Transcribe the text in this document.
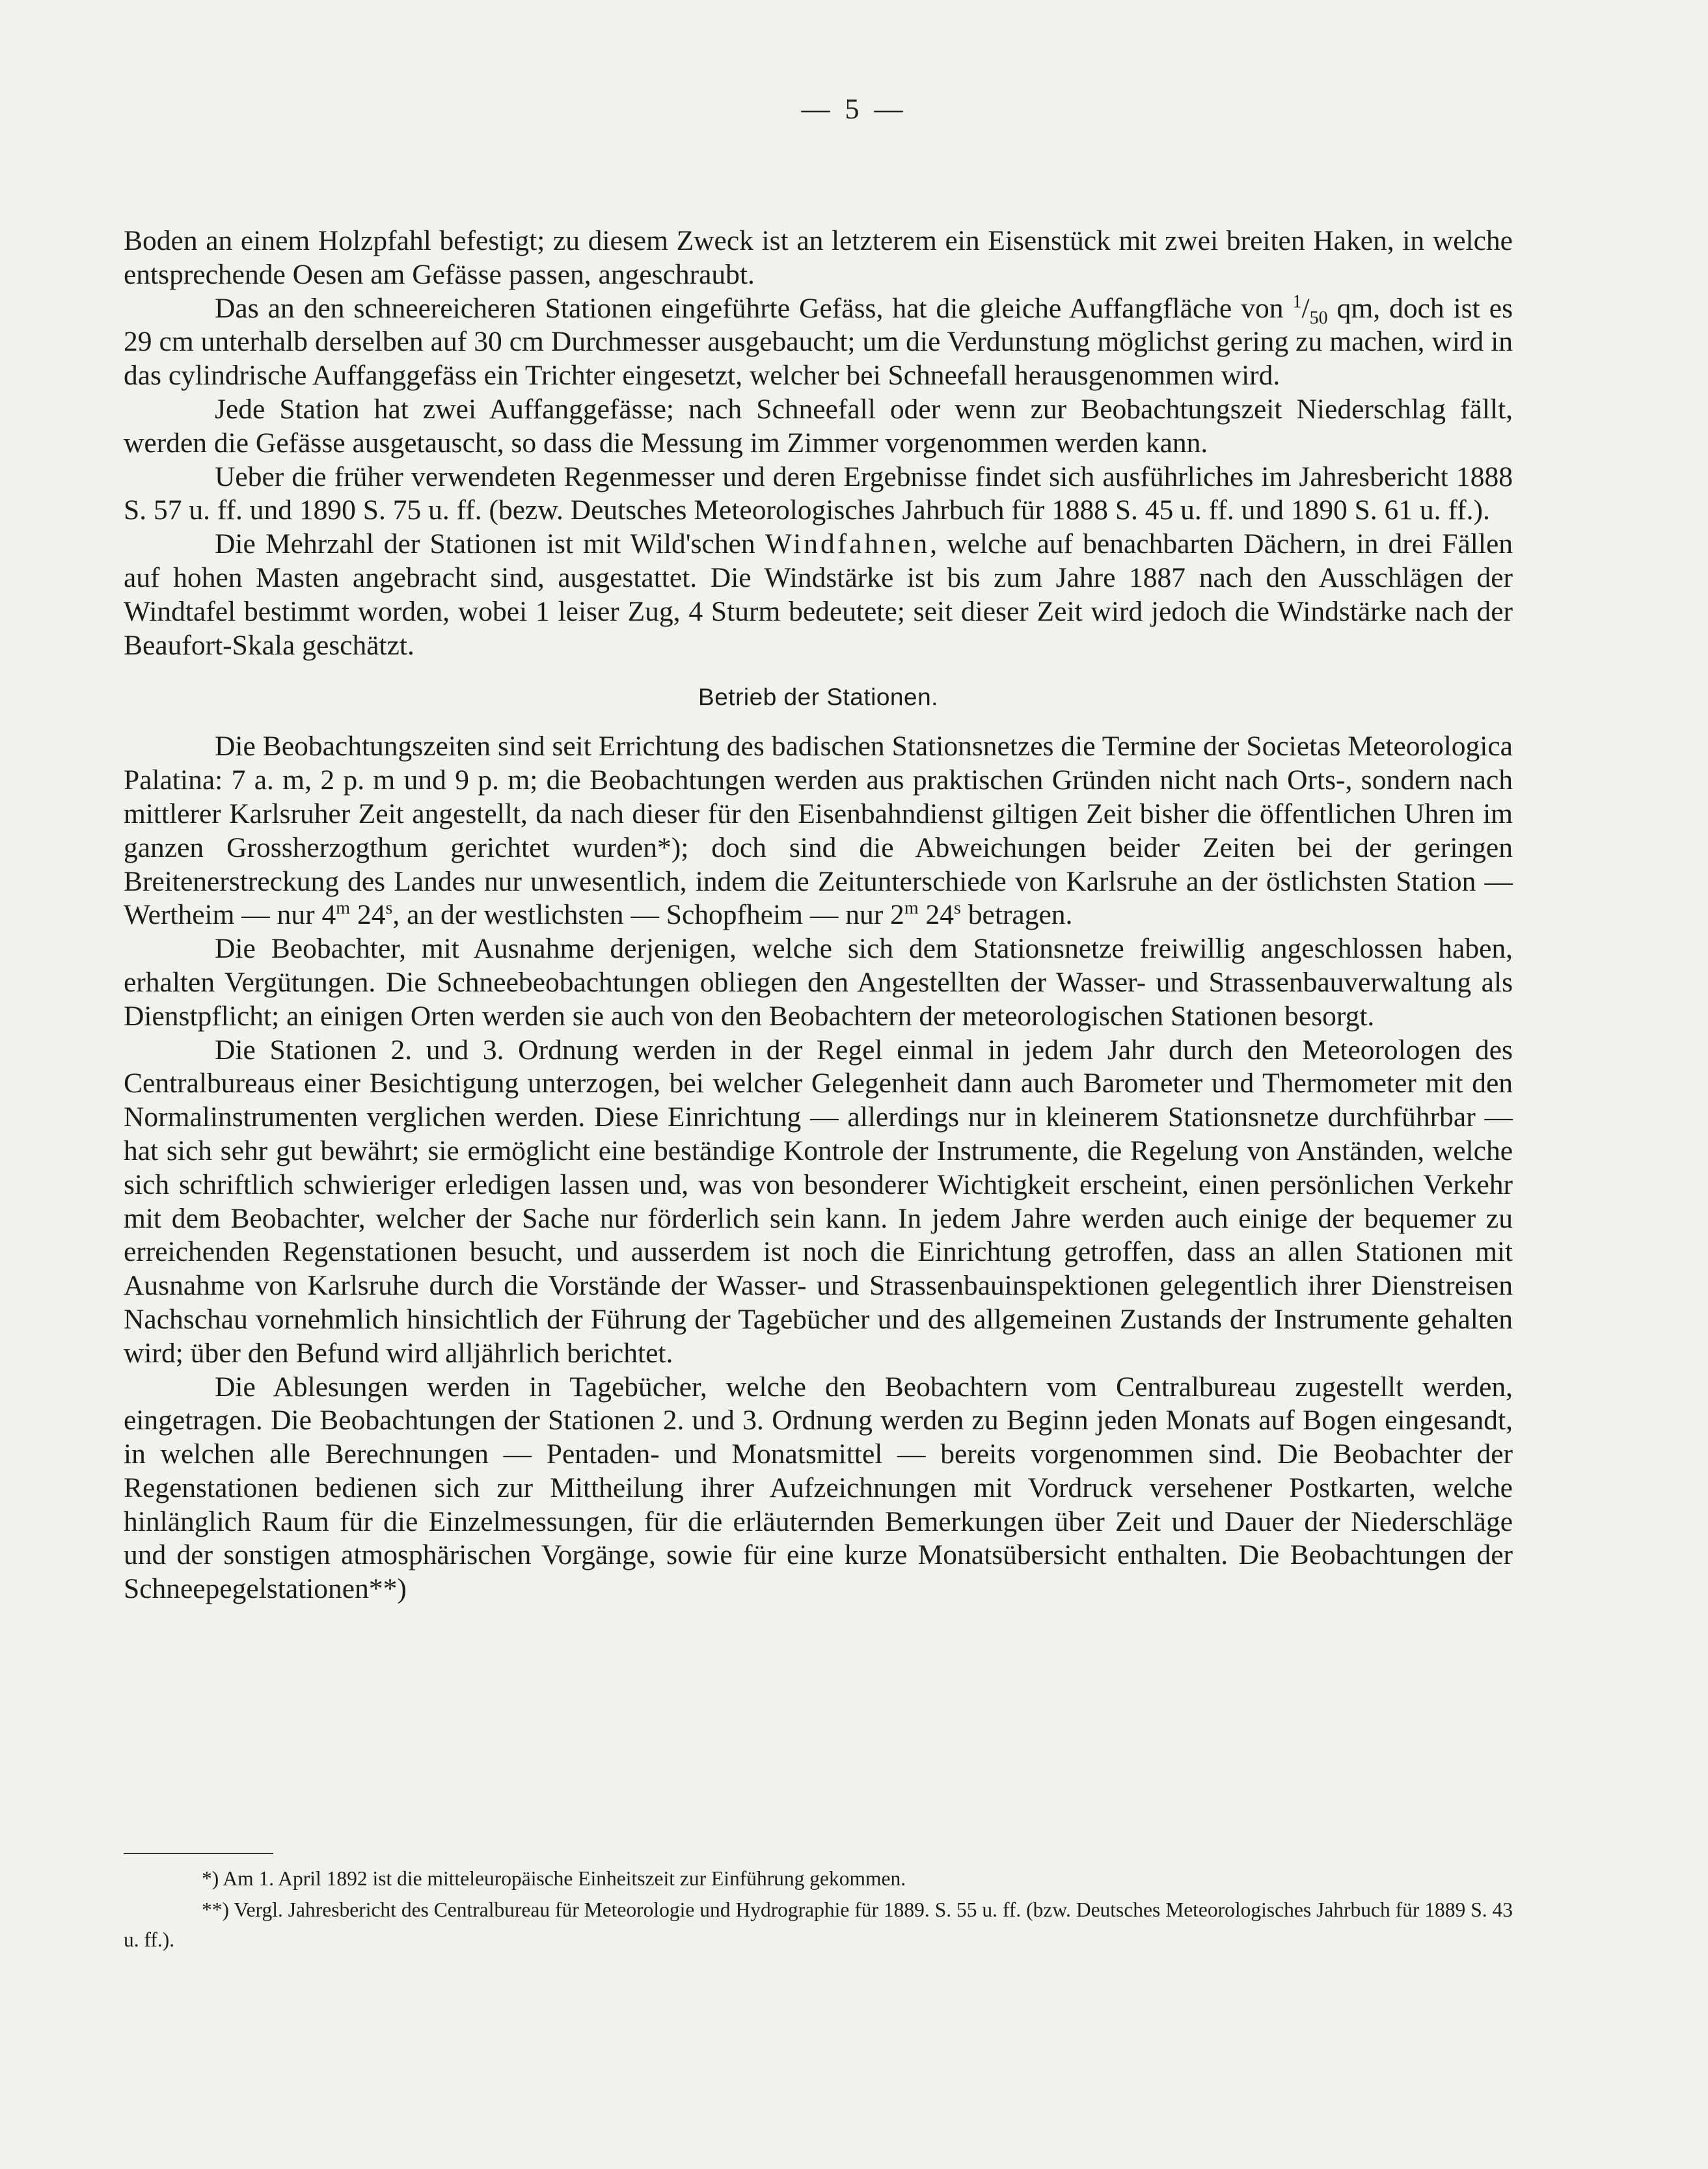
— 5 —

Boden an einem Holzpfahl befestigt; zu diesem Zweck ist an letzterem ein Eisenstück mit zwei breiten Haken, in welche entsprechende Oesen am Gefässe passen, angeschraubt.

Das an den schneereicheren Stationen eingeführte Gefäss, hat die gleiche Auffangfläche von $^1/_{50}$ qm, doch ist es 29 cm unterhalb derselben auf 30 cm Durchmesser ausgebaucht; um die Verdunstung möglichst gering zu machen, wird in das cylindrische Auffanggefäss ein Trichter eingesetzt, welcher bei Schneefall herausgenommen wird.

Jede Station hat zwei Auffanggefässe; nach Schneefall oder wenn zur Beobachtungszeit Niederschlag fällt, werden die Gefässe ausgetauscht, so dass die Messung im Zimmer vorgenommen werden kann.

Ueber die früher verwendeten Regenmesser und deren Ergebnisse findet sich ausführliches im Jahresbericht 1888 S. 57 u. ff. und 1890 S. 75 u. ff. (bezw. Deutsches Meteorologisches Jahrbuch für 1888 S. 45 u. ff. und 1890 S. 61 u. ff.).

Die Mehrzahl der Stationen ist mit Wild'schen Windfahnen, welche auf benachbarten Dächern, in drei Fällen auf hohen Masten angebracht sind, ausgestattet. Die Windstärke ist bis zum Jahre 1887 nach den Ausschlägen der Windtafel bestimmt worden, wobei 1 leiser Zug, 4 Sturm bedeutete; seit dieser Zeit wird jedoch die Windstärke nach der Beaufort-Skala geschätzt.

Betrieb der Stationen.

Die Beobachtungszeiten sind seit Errichtung des badischen Stationsnetzes die Termine der Societas Meteorologica Palatina: 7 a. m, 2 p. m und 9 p. m; die Beobachtungen werden aus praktischen Gründen nicht nach Orts-, sondern nach mittlerer Karlsruher Zeit angestellt, da nach dieser für den Eisenbahndienst giltigen Zeit bisher die öffentlichen Uhren im ganzen Grossherzogthum gerichtet wurden*); doch sind die Abweichungen beider Zeiten bei der geringen Breitenerstreckung des Landes nur unwesentlich, indem die Zeitunterschiede von Karlsruhe an der östlichsten Station — Wertheim — nur 4$^m$ 24$^s$, an der westlichsten — Schopfheim — nur 2$^m$ 24$^s$ betragen.

Die Beobachter, mit Ausnahme derjenigen, welche sich dem Stationsnetze freiwillig angeschlossen haben, erhalten Vergütungen. Die Schneebeobachtungen obliegen den Angestellten der Wasser- und Strassenbauverwaltung als Dienstpflicht; an einigen Orten werden sie auch von den Beobachtern der meteorologischen Stationen besorgt.

Die Stationen 2. und 3. Ordnung werden in der Regel einmal in jedem Jahr durch den Meteorologen des Centralbureaus einer Besichtigung unterzogen, bei welcher Gelegenheit dann auch Barometer und Thermometer mit den Normalinstrumenten verglichen werden. Diese Einrichtung — allerdings nur in kleinerem Stationsnetze durchführbar — hat sich sehr gut bewährt; sie ermöglicht eine beständige Kontrole der Instrumente, die Regelung von Anständen, welche sich schriftlich schwieriger erledigen lassen und, was von besonderer Wichtigkeit erscheint, einen persönlichen Verkehr mit dem Beobachter, welcher der Sache nur förderlich sein kann. In jedem Jahre werden auch einige der bequemer zu erreichenden Regenstationen besucht, und ausserdem ist noch die Einrichtung getroffen, dass an allen Stationen mit Ausnahme von Karlsruhe durch die Vorstände der Wasser- und Strassenbauinspektionen gelegentlich ihrer Dienstreisen Nachschau vornehmlich hinsichtlich der Führung der Tagebücher und des allgemeinen Zustands der Instrumente gehalten wird; über den Befund wird alljährlich berichtet.

Die Ablesungen werden in Tagebücher, welche den Beobachtern vom Centralbureau zugestellt werden, eingetragen. Die Beobachtungen der Stationen 2. und 3. Ordnung werden zu Beginn jeden Monats auf Bogen eingesandt, in welchen alle Berechnungen — Pentaden- und Monatsmittel — bereits vorgenommen sind. Die Beobachter der Regenstationen bedienen sich zur Mittheilung ihrer Aufzeichnungen mit Vordruck versehener Postkarten, welche hinlänglich Raum für die Einzelmessungen, für die erläuternden Bemerkungen über Zeit und Dauer der Niederschläge und der sonstigen atmosphärischen Vorgänge, sowie für eine kurze Monatsübersicht enthalten. Die Beobachtungen der Schneepegelstationen**)

*) Am 1. April 1892 ist die mitteleuropäische Einheitszeit zur Einführung gekommen.

**) Vergl. Jahresbericht des Centralbureau für Meteorologie und Hydrographie für 1889. S. 55 u. ff. (bzw. Deutsches Meteorologisches Jahrbuch für 1889 S. 43 u. ff.).
